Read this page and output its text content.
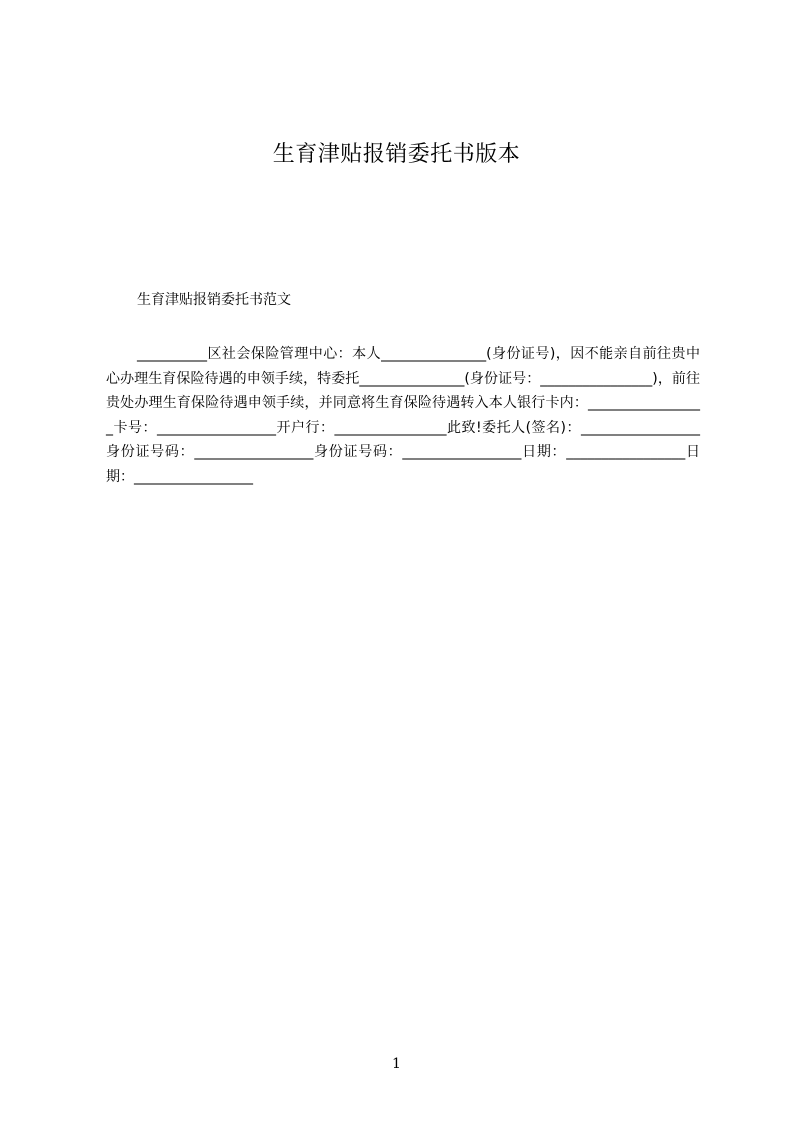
生育津贴报销委托书版本

生育津贴报销委托书范文

__________区社会保险管理中心：本人_______________(身份证号)，因不能亲自前往贵中心办理生育保险待遇的申领手续，特委托_______________(身份证号：________________)，前往贵处办理生育保险待遇申领手续，并同意将生育保险待遇转入本人银行卡内：_________________卡号：_________________开户行：________________此致!委托人(签名)：_________________身份证号码：_________________身份证号码：_________________日期：_________________日期：_________________

1
